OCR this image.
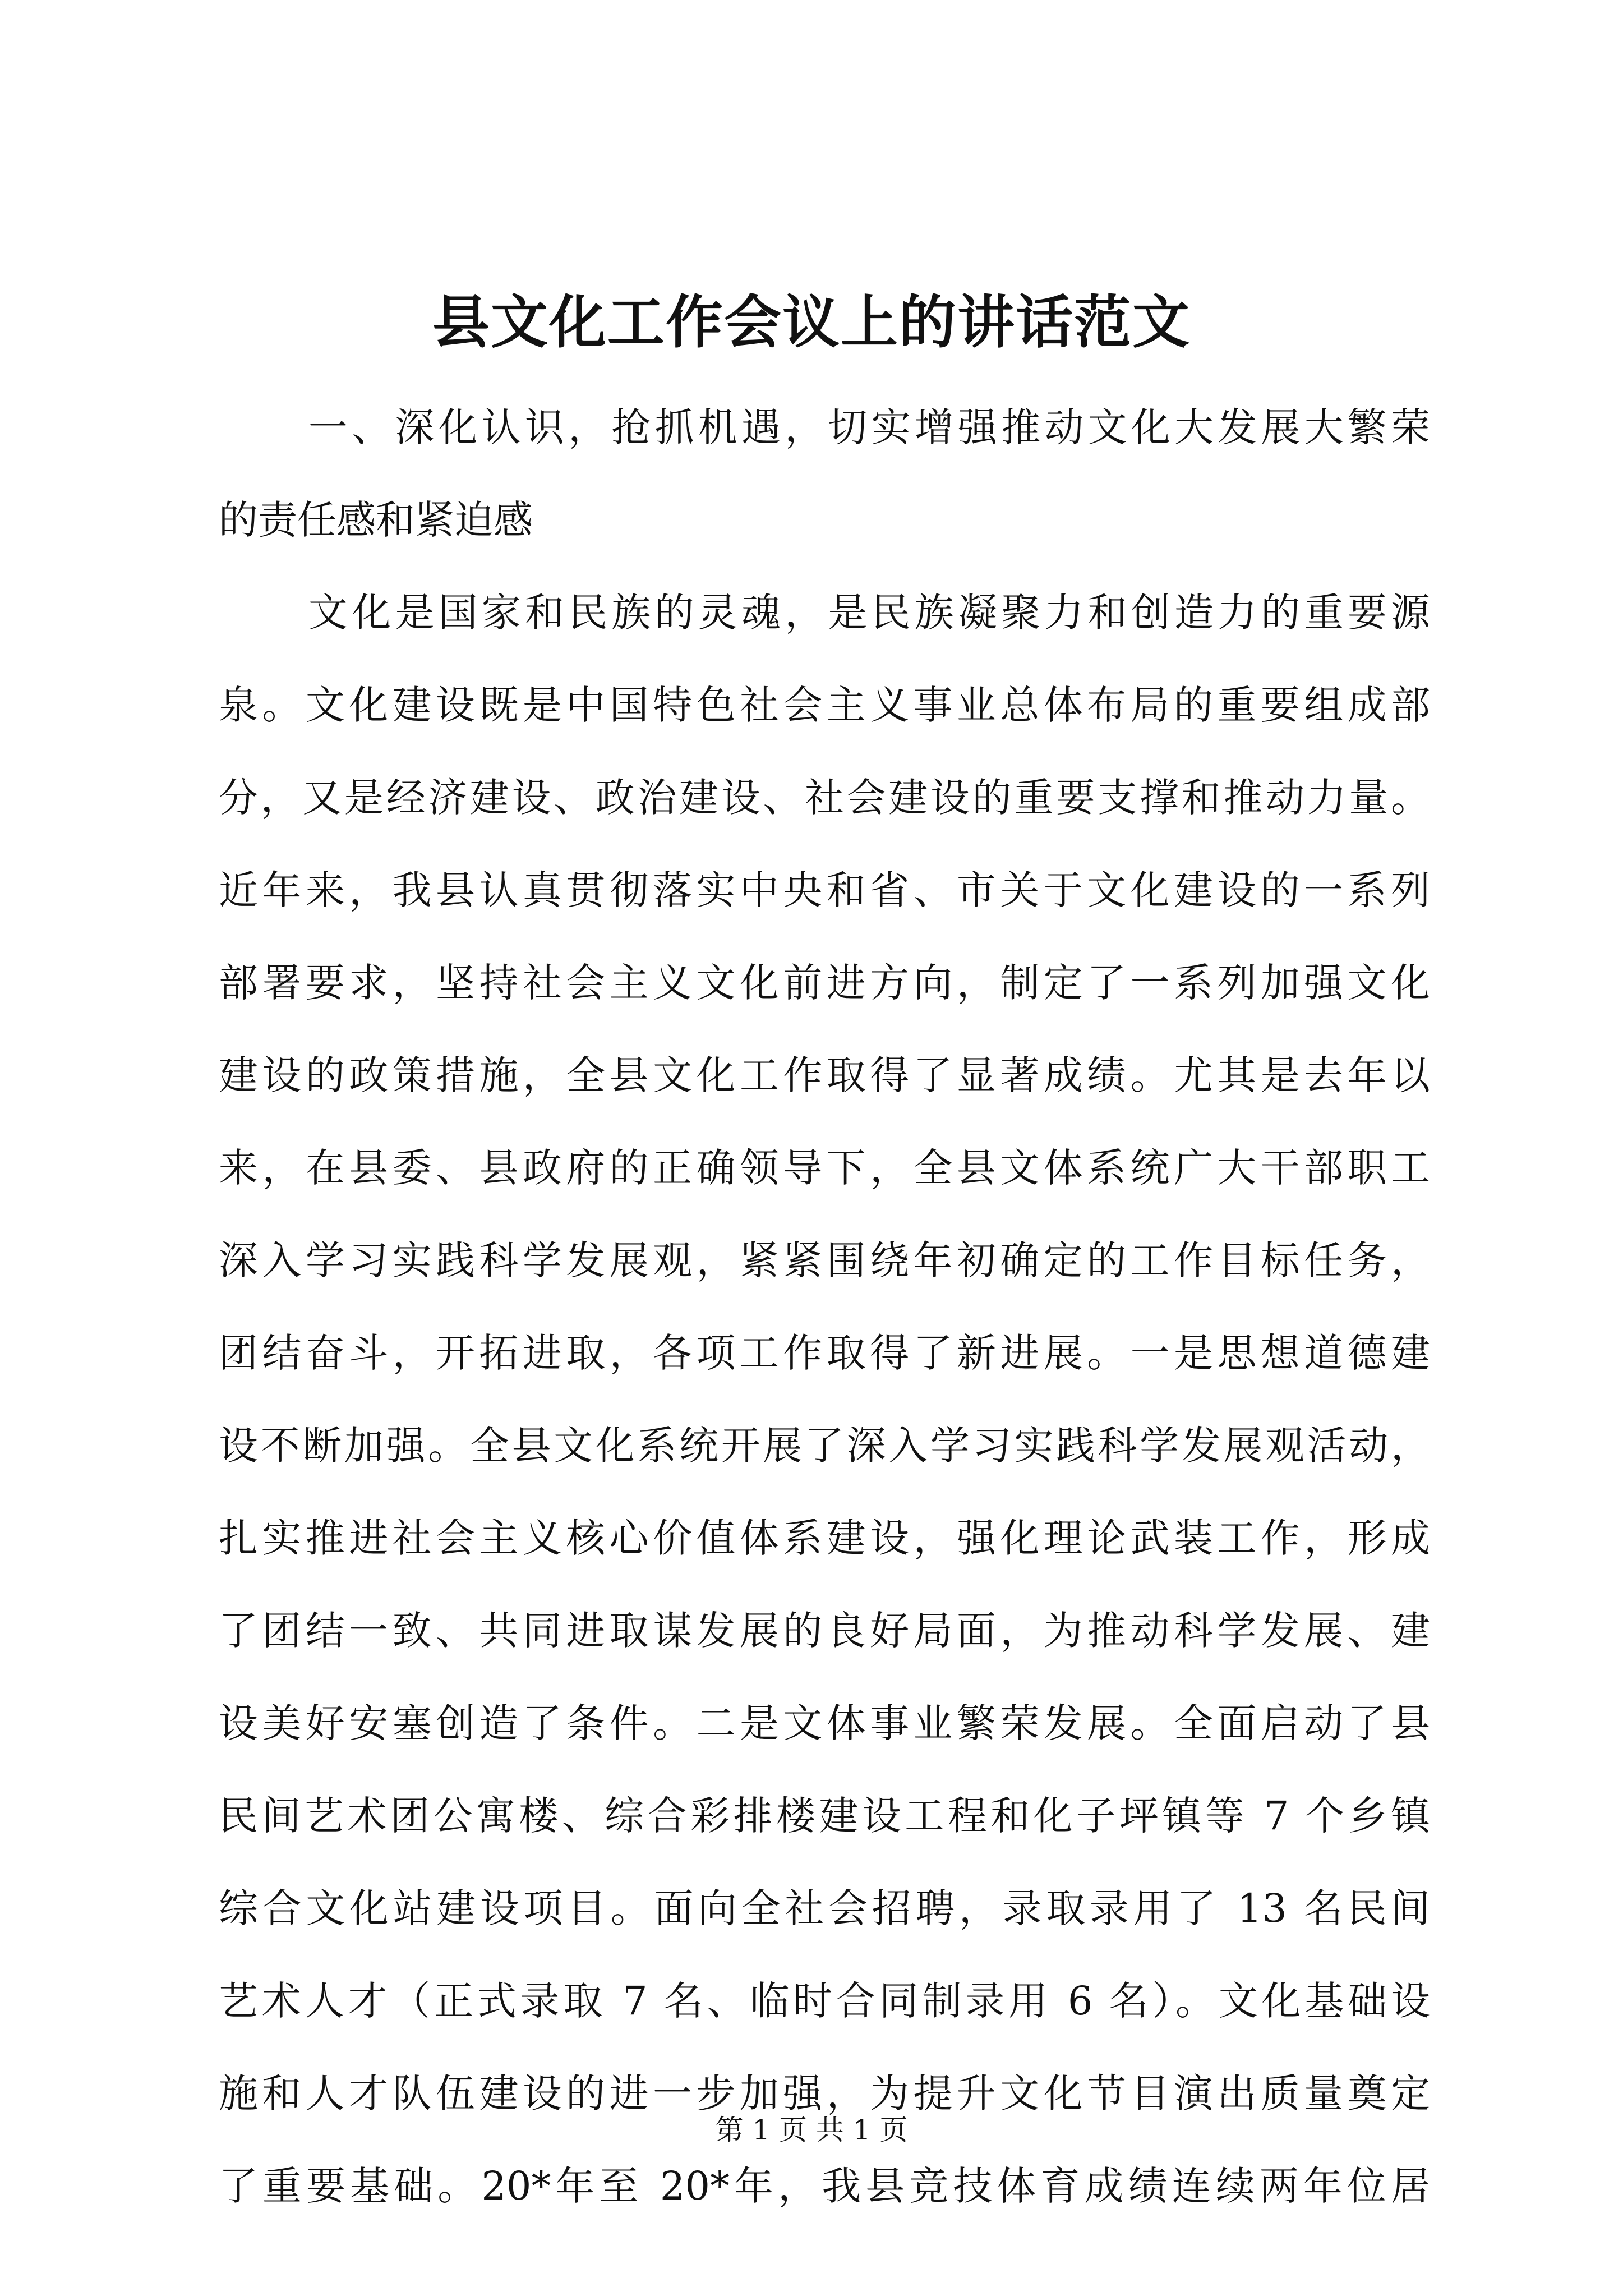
县文化工作会议上的讲话范文
一、深化认识，抢抓机遇，切实增强推动文化大发展大繁荣
的责任感和紧迫感
文化是国家和民族的灵魂，是民族凝聚力和创造力的重要源
泉。文化建设既是中国特色社会主义事业总体布局的重要组成部
分，又是经济建设、政治建设、社会建设的重要支撑和推动力量。
近年来，我县认真贯彻落实中央和省、市关于文化建设的一系列
部署要求，坚持社会主义文化前进方向，制定了一系列加强文化
建设的政策措施，全县文化工作取得了显著成绩。尤其是去年以
来，在县委、县政府的正确领导下，全县文体系统广大干部职工
深入学习实践科学发展观，紧紧围绕年初确定的工作目标任务，
团结奋斗，开拓进取，各项工作取得了新进展。一是思想道德建
设不断加强。全县文化系统开展了深入学习实践科学发展观活动，
扎实推进社会主义核心价值体系建设，强化理论武装工作，形成
了团结一致、共同进取谋发展的良好局面，为推动科学发展、建
设美好安塞创造了条件。二是文体事业繁荣发展。全面启动了县
民间艺术团公寓楼、综合彩排楼建设工程和化子坪镇等 7 个乡镇
综合文化站建设项目。面向全社会招聘，录取录用了 13 名民间
艺术人才（正式录取 7 名、临时合同制录用 6 名）。文化基础设
施和人才队伍建设的进一步加强，为提升文化节目演出质量奠定
了重要基础。20*年至 20*年，我县竞技体育成绩连续两年位居
第 1 页 共 1 页
